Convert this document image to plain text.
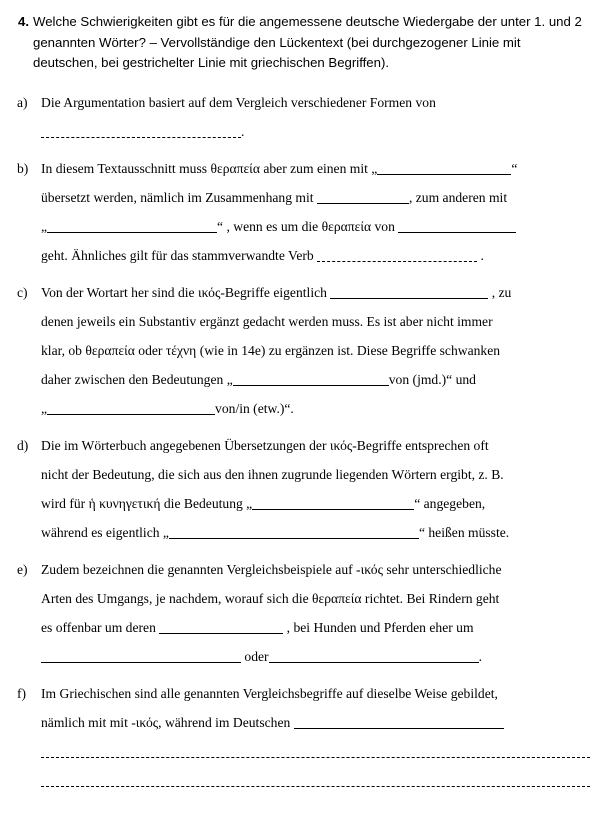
4. Welche Schwierigkeiten gibt es für die angemessene deutsche Wiedergabe der unter 1. und 2 genannten Wörter? – Vervollständige den Lückentext (bei durchgezogener Linie mit deutschen, bei gestrichelter Linie mit griechischen Begriffen).
a) Die Argumentation basiert auf dem Vergleich verschiedener Formen von
.
b) In diesem Textausschnitt muss θεραπεία aber zum einen mit „	“
übersetzt werden, nämlich im Zusammenhang mit	, zum anderen mit
„	“ , wenn es um die θεραπεία von
geht. Ähnliches gilt für das stammverwandte Verb	.
c) Von der Wortart her sind die ικός-Begriffe eigentlich	, zu
denen jeweils ein Substantiv ergänzt gedacht werden muss. Es ist aber nicht immer
klar, ob θεραπεία oder τέχνη (wie in 14e) zu ergänzen ist. Diese Begriffe schwanken
daher zwischen den Bedeutungen „	von (jmd.)“ und
„	von/in (etw.)“.
d) Die im Wörterbuch angegebenen Übersetzungen der ικός-Begriffe entsprechen oft
nicht der Bedeutung, die sich aus den ihnen zugrunde liegenden Wörtern ergibt, z. B.
wird für ἡ κυνηγετική die Bedeutung „	“ angegeben,
während es eigentlich „	“ heißen müsste.
e) Zudem bezeichnen die genannten Vergleichsbeispiele auf -ικός sehr unterschiedliche
Arten des Umgangs, je nachdem, worauf sich die θεραπεία richtet. Bei Rindern geht
es offenbar um deren	, bei Hunden und Pferden eher um
oder	.
f)	Im Griechischen sind alle genannten Vergleichsbegriffe auf dieselbe Weise gebildet,
nämlich mit mit -ικός, während im Deutschen
